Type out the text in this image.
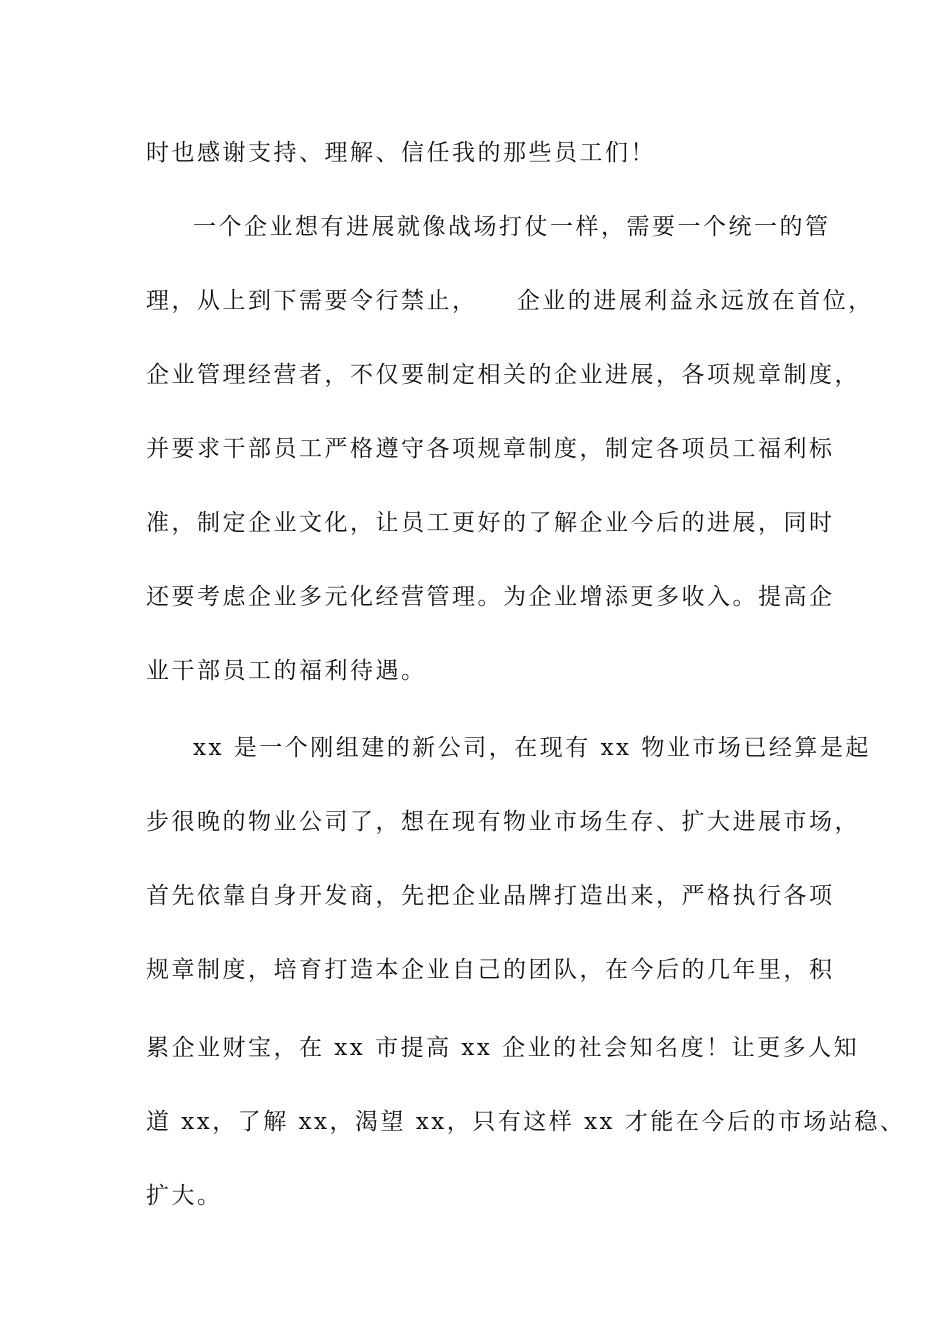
时也感谢支持、理解、信任我的那些员工们！

一个企业想有进展就像战场打仗一样，需要一个统一的管

理，从上到下需要令行禁止，    企业的进展利益永远放在首位，

企业管理经营者，不仅要制定相关的企业进展，各项规章制度，

并要求干部员工严格遵守各项规章制度，制定各项员工福利标

准，制定企业文化，让员工更好的了解企业今后的进展，同时

还要考虑企业多元化经营管理。为企业增添更多收入。提高企

业干部员工的福利待遇。

xx 是一个刚组建的新公司，在现有 xx 物业市场已经算是起

步很晚的物业公司了，想在现有物业市场生存、扩大进展市场，

首先依靠自身开发商，先把企业品牌打造出来，严格执行各项

规章制度，培育打造本企业自己的团队，在今后的几年里，积

累企业财宝，在 xx 市提高 xx 企业的社会知名度！让更多人知

道 xx，了解 xx，渴望 xx，只有这样 xx 才能在今后的市场站稳、

扩大。
